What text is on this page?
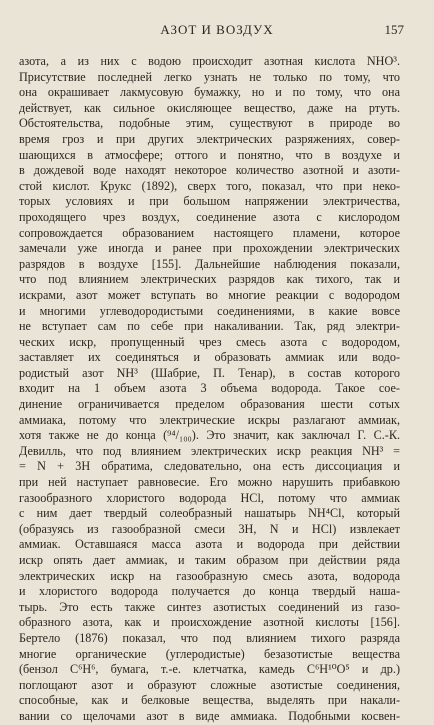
АЗОТ И ВОЗДУХ	157
азота, а из них с водою происходит азотная кислота NHO³.
Присутствие последней легко узнать не только по тому, что
она окрашивает лакмусовую бумажку, но и по тому, что она
действует, как сильное окисляющее вещество, даже на ртуть.
Обстоятельства, подобные этим, существуют в природе во
время гроз и при других электрических разряжениях, совер-
шающихся в атмосфере; оттого и понятно, что в воздухе и
в дождевой воде находят некоторое количество азотной и азоти-
стой кислот. Крукс (1892), сверх того, показал, что при неко-
торых условиях и при большом напряжении электричества,
проходящего чрез воздух, соединение азота с кислородом
сопровождается образованием настоящего пламени, которое
замечали уже иногда и ранее при прохождении электрических
разрядов в воздухе [155]. Дальнейшие наблюдения показали,
что под влиянием электрических разрядов как тихого, так и
искрами, азот может вступать во многие реакции с водородом
и многими углеводородистыми соединениями, в какие вовсе
не вступает сам по себе при накаливании. Так, ряд электри-
ческих искр, пропущенный чрез смесь азота с водородом,
заставляет их соединяться и образовать аммиак или водо-
родистый азот NH³ (Шабрие, П. Тенар), в состав которого
входит на 1 объем азота 3 объема водорода. Такое сое-
динение ограничивается пределом образования шести сотых
аммиака, потому что электрические искры разлагают аммиак,
хотя также не до конца (⁹⁴/₁₀₀). Это значит, как заключал Г. С.-К.
Девилль, что под влиянием электрических искр реакция NH³ =
= N + 3H обратима, следовательно, она есть диссоциация и
при ней наступает равновесие. Его можно нарушить прибавкою
газообразного хлористого водорода HCl, потому что аммиак
с ним дает твердый солеобразный нашатырь NH⁴Cl, который
(образуясь из газообразной смеси 3H, N и HCl) извлекает
аммиак. Оставшаяся масса азота и водорода при действии
искр опять дает аммиак, и таким образом при действии ряда
электрических искр на газообразную смесь азота, водорода
и хлористого водорода получается до конца твердый наша-
тырь. Это есть также синтез азотистых соединений из газо-
образного азота, как и происхождение азотной кислоты [156].
Бертело (1876) показал, что под влиянием тихого разряда
многие органические (углеродистые) безазотистые вещества
(бензол C⁶H⁶, бумага, т.-е. клетчатка, камедь C⁶H¹⁰O⁵ и др.)
поглощают азот и образуют сложные азотистые соединения,
способные, как и белковые вещества, выделять при накали-
вании со щелочами азот в виде аммиака. Подобными косвен-
